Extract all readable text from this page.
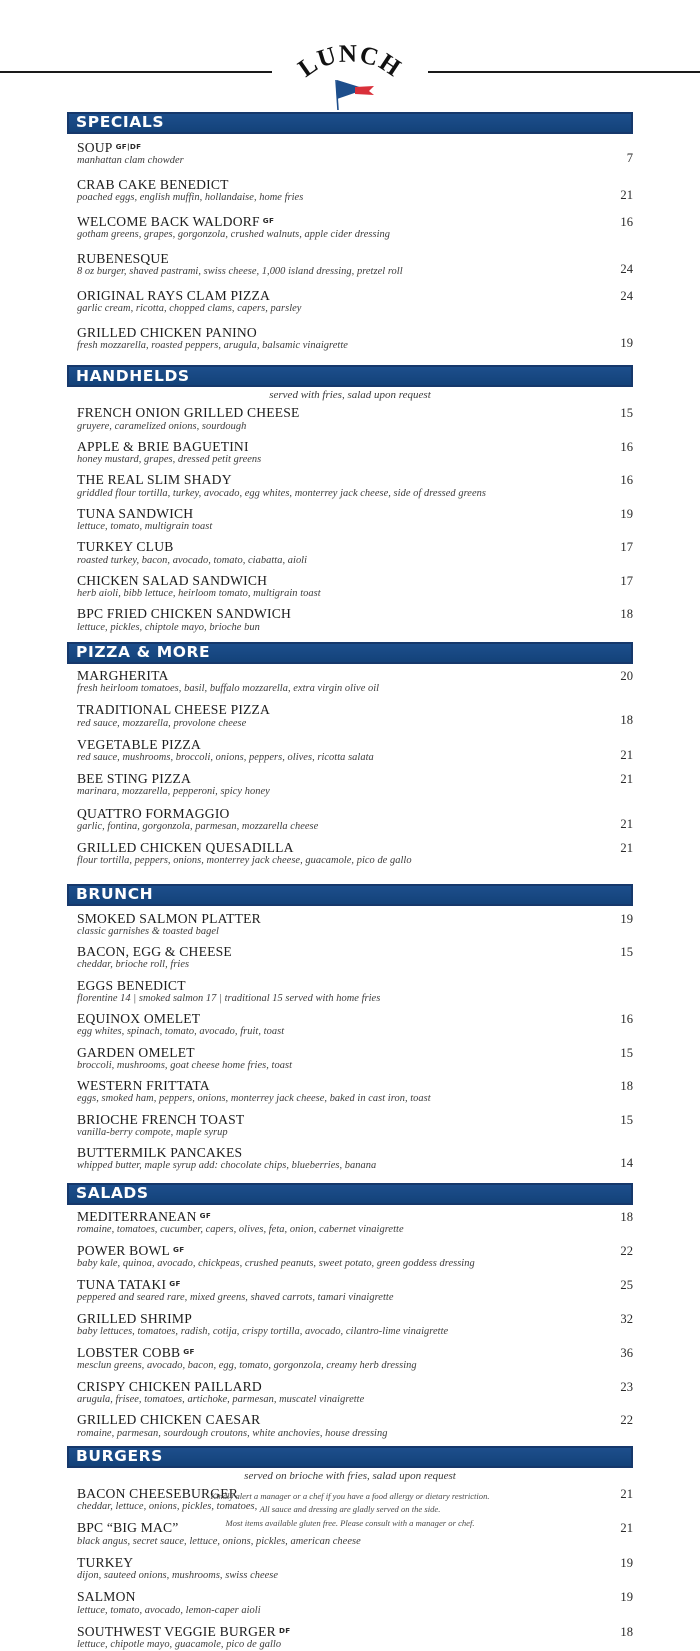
LUNCH
SPECIALS
SOUP $^{GF|DF}$
manhattan clam chowder	7
CRAB CAKE BENEDICT
poached eggs, english muffin, hollandaise, home fries	21
WELCOME BACK WALDORF $^{GF}$
gotham greens, grapes, gorgonzola, crushed walnuts, apple cider dressing
16
RUBENESQUE
8 oz burger, shaved pastrami, swiss cheese, 1,000 island dressing, pretzel roll	24
ORIGINAL RAYS CLAM PIZZA
garlic cream, ricotta, chopped clams, capers, parsley
24
GRILLED CHICKEN PANINO
fresh mozzarella, roasted peppers, arugula, balsamic vinaigrette	19
HANDHELDS
served with fries, salad upon request
FRENCH ONION GRILLED CHEESE
gruyere, caramelized onions, sourdough
15
APPLE & BRIE BAGUETINI
honey mustard, grapes, dressed petit greens
16
THE REAL SLIM SHADY
griddled flour tortilla, turkey, avocado, egg whites, monterrey jack cheese, side of dressed greens
16
TUNA SANDWICH
lettuce, tomato, multigrain toast
19
TURKEY CLUB
roasted turkey, bacon, avocado, tomato, ciabatta, aioli
17
CHICKEN SALAD SANDWICH
herb aioli, bibb lettuce, heirloom tomato, multigrain toast
17
BPC FRIED CHICKEN SANDWICH
lettuce, pickles, chiptole mayo, brioche bun
18
PIZZA & MORE
MARGHERITA
fresh heirloom tomatoes, basil, buffalo mozzarella, extra virgin olive oil
20
TRADITIONAL CHEESE PIZZA
red sauce, mozzarella, provolone cheese	18
VEGETABLE PIZZA
red sauce, mushrooms, broccoli, onions, peppers, olives, ricotta salata	21
BEE STING PIZZA
marinara, mozzarella, pepperoni, spicy honey
21
QUATTRO FORMAGGIO
garlic, fontina, gorgonzola, parmesan, mozzarella cheese	21
GRILLED CHICKEN QUESADILLA
flour tortilla, peppers, onions, monterrey jack cheese, guacamole, pico de gallo
21
BRUNCH
SMOKED SALMON PLATTER
classic garnishes & toasted bagel
19
BACON, EGG & CHEESE
cheddar, brioche roll, fries
15
EGGS BENEDICT
florentine 14 | smoked salmon 17 | traditional 15 served with home fries
EQUINOX OMELET
egg whites, spinach, tomato, avocado, fruit, toast
16
GARDEN OMELET
broccoli, mushrooms, goat cheese home fries, toast
15
WESTERN FRITTATA
eggs, smoked ham, peppers, onions, monterrey jack cheese, baked in cast iron, toast
18
BRIOCHE FRENCH TOAST
vanilla-berry compote, maple syrup
15
BUTTERMILK PANCAKES
whipped butter, maple syrup add: chocolate chips, blueberries, banana	14
SALADS
MEDITERRANEAN $^{GF}$
romaine, tomatoes, cucumber, capers, olives, feta, onion, cabernet vinaigrette
18
POWER BOWL $^{GF}$
baby kale, quinoa, avocado, chickpeas, crushed peanuts, sweet potato, green goddess dressing
22
TUNA TATAKI $^{GF}$
peppered and seared rare, mixed greens, shaved carrots, tamari vinaigrette
25
GRILLED SHRIMP
baby lettuces, tomatoes, radish, cotija, crispy tortilla, avocado, cilantro-lime vinaigrette
32
LOBSTER COBB $^{GF}$
mesclun greens, avocado, bacon, egg, tomato, gorgonzola, creamy herb dressing
36
CRISPY CHICKEN PAILLARD
arugula, frisee, tomatoes, artichoke, parmesan, muscatel vinaigrette
23
GRILLED CHICKEN CAESAR
romaine, parmesan, sourdough croutons, white anchovies, house dressing
22
BURGERS
served on brioche with fries, salad upon request
BACON CHEESEBURGER
cheddar, lettuce, onions, pickles, tomatoes,
21
BPC “BIG MAC”
black angus, secret sauce, lettuce, onions, pickles, american cheese
21
TURKEY
dijon, sauteed onions, mushrooms, swiss cheese
19
SALMON
lettuce, tomato, avocado, lemon-caper aioli
19
SOUTHWEST VEGGIE BURGER $^{DF}$
lettuce, chipotle mayo, guacamole, pico de gallo
18
Kindly alert a manager or a chef if you have a food allergy or dietary restriction.
All sauce and dressing are gladly served on the side.
Most items available gluten free. Please consult with a manager or chef.
